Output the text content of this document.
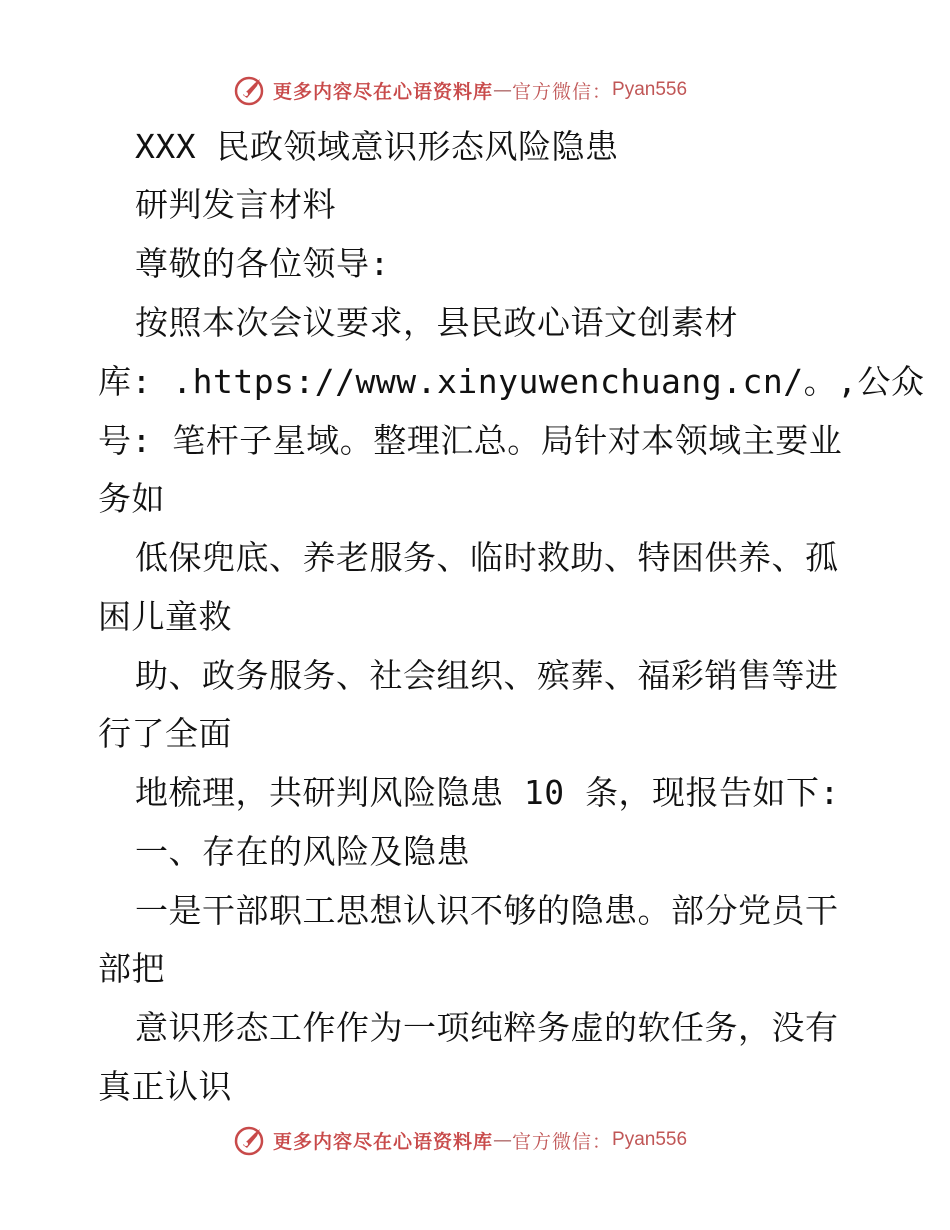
更多内容尽在心语资料库 — 官方微信： Pyan556
XXX 民政领域意识形态风险隐患
研判发言材料
尊敬的各位领导:
按照本次会议要求，县民政心语文创素材
库: .https://www.xinyuwenchuang.cn/。,公众
号: 笔杆子星域。整理汇总。局针对本领域主要业
务如
低保兜底、养老服务、临时救助、特困供养、孤
困儿童救
助、政务服务、社会组织、殡葬、福彩销售等进
行了全面
地梳理，共研判风险隐患 10 条，现报告如下:
一、存在的风险及隐患
一是干部职工思想认识不够的隐患。部分党员干
部把
意识形态工作作为一项纯粹务虚的软任务，没有
真正认识
更多内容尽在心语资料库 — 官方微信： Pyan556
